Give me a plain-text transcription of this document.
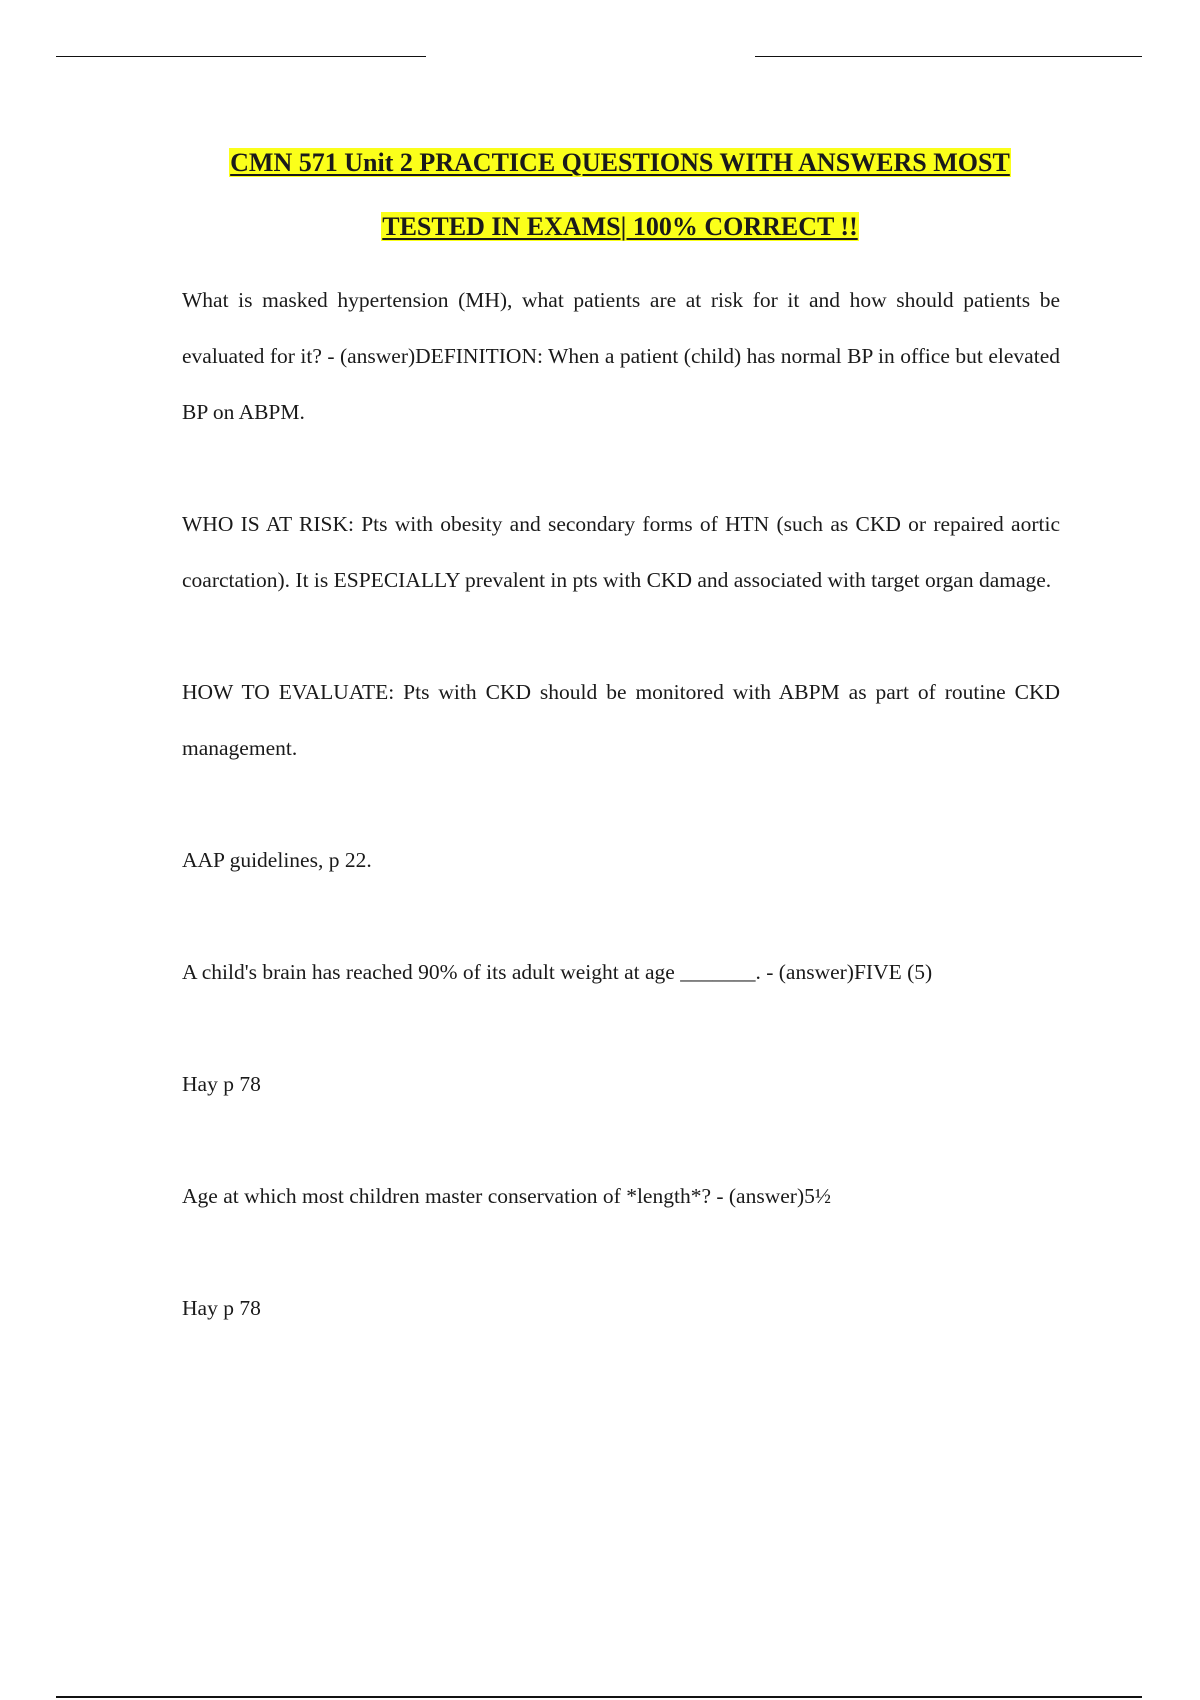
CMN 571 Unit 2 PRACTICE QUESTIONS WITH ANSWERS MOST
TESTED IN EXAMS| 100% CORRECT !!

What is masked hypertension (MH), what patients are at risk for it and how should patients be evaluated for it? - (answer)DEFINITION: When a patient (child) has normal BP in office but elevated BP on ABPM.

WHO IS AT RISK: Pts with obesity and secondary forms of HTN (such as CKD or repaired aortic coarctation). It is ESPECIALLY prevalent in pts with CKD and associated with target organ damage.

HOW TO EVALUATE: Pts with CKD should be monitored with ABPM as part of routine CKD management.

AAP guidelines, p 22.

A child's brain has reached 90% of its adult weight at age _______. - (answer)FIVE (5)

Hay p 78

Age at which most children master conservation of *length*? - (answer)5½

Hay p 78
